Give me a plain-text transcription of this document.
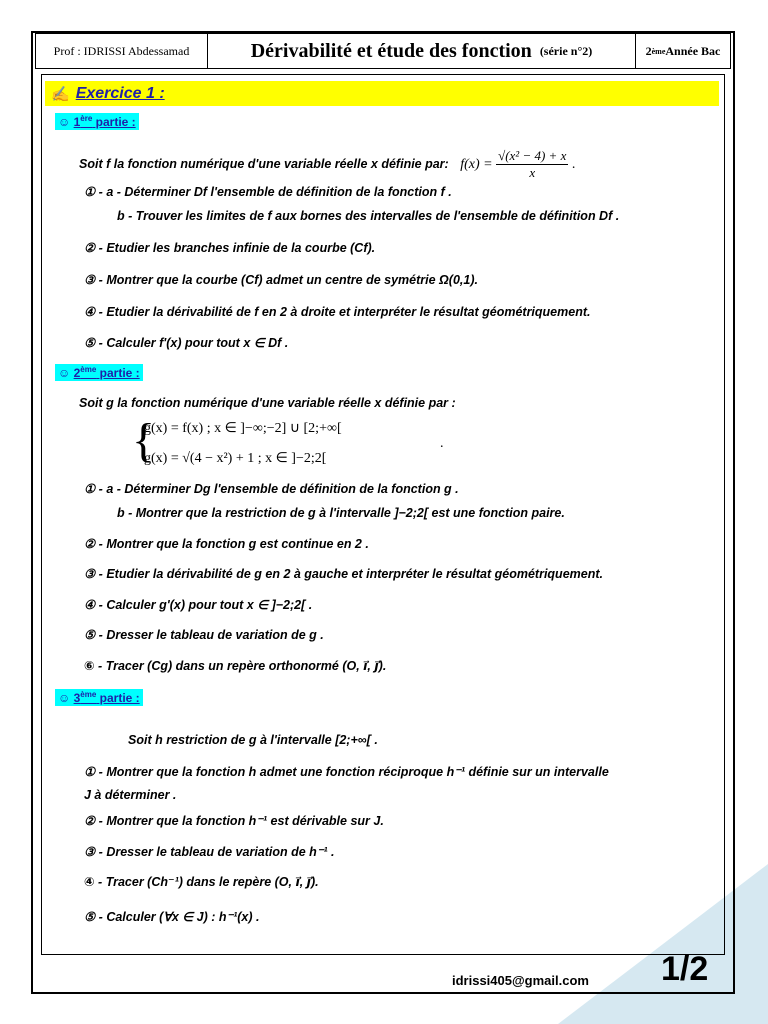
Prof : IDRISSI Abdessamad	Dérivabilité et étude des fonction (série n°2)	2 ème Année Bac
✍ Exercice 1 :
☺ 1ère partie :
Soit f la fonction numérique d'une variable réelle x définie par: $f(x) = \frac{\text{√(x² − 4) + x}}{x}$ .
① - a - Déterminer Df l'ensemble de définition de la fonction f .
b - Trouver les limites de f aux bornes des intervalles de l'ensemble de définition Df .
② - Etudier les branches infinie de la courbe (Cf).
③ - Montrer que la courbe (Cf) admet un centre de symétrie Ω(0,1).
④ - Etudier la dérivabilité de f en 2 à droite et interpréter le résultat géométriquement.
⑤ - Calculer f'(x) pour tout x ∈ Df .
☺ 2ème partie :
Soit g la fonction numérique d'une variable réelle x définie par :
{
g(x) = f(x) ; x ∈ ]−∞;−2] ∪ [2;+∞[
g(x) = √(4 − x²) + 1 ; x ∈ ]−2;2[
.
① - a - Déterminer Dg l'ensemble de définition de la fonction g .
b - Montrer que la restriction de g à l'intervalle ]−2;2[ est une fonction paire.
② - Montrer que la fonction g est continue en 2 .
③ - Etudier la dérivabilité de g en 2 à gauche et interpréter le résultat géométriquement.
④ - Calculer g'(x) pour tout x ∈ ]−2;2[ .
⑤ - Dresser le tableau de variation de g .
⑥ - Tracer (Cg) dans un repère orthonormé (O, i⃗, j⃗).
☺ 3ème partie :
Soit h restriction de g à l'intervalle [2;+∞[ .
① - Montrer que la fonction h admet une fonction réciproque h⁻¹ définie sur un intervalle
J à déterminer .
② - Montrer que la fonction h⁻¹ est dérivable sur J.
③ - Dresser le tableau de variation de h⁻¹ .
④ - Tracer (Ch⁻¹) dans le repère (O, i⃗, j⃗).
⑤ - Calculer (∀x ∈ J) : h⁻¹(x) .
idrissi405@gmail.com 1/2
